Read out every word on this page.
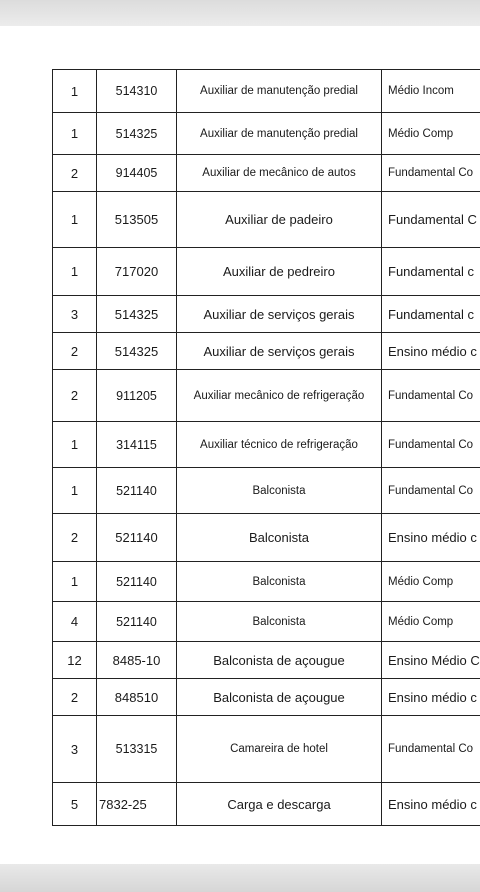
1	514310	Auxiliar de manutenção predial	Médio Incom
1	514325	Auxiliar de manutenção predial	Médio Comp
2	914405	Auxiliar de mecânico de autos	Fundamental Co
1	513505	Auxiliar de padeiro	Fundamental C
1	717020	Auxiliar de pedreiro	Fundamental c
3	514325	Auxiliar de serviços gerais	Fundamental c
2	514325	Auxiliar de serviços gerais	Ensino médio c
2	911205	Auxiliar mecânico de refrigeração	Fundamental Co
1	314115	Auxiliar técnico de refrigeração	Fundamental Co
1	521140	Balconista	Fundamental Co
2	521140	Balconista	Ensino médio c
1	521140	Balconista	Médio Comp
4	521140	Balconista	Médio Comp
12	8485-10	Balconista de açougue	Ensino Médio C
2	848510	Balconista de açougue	Ensino médio c
3	513315	Camareira de hotel	Fundamental Co
5	7832-25	Carga e descarga	Ensino médio c
